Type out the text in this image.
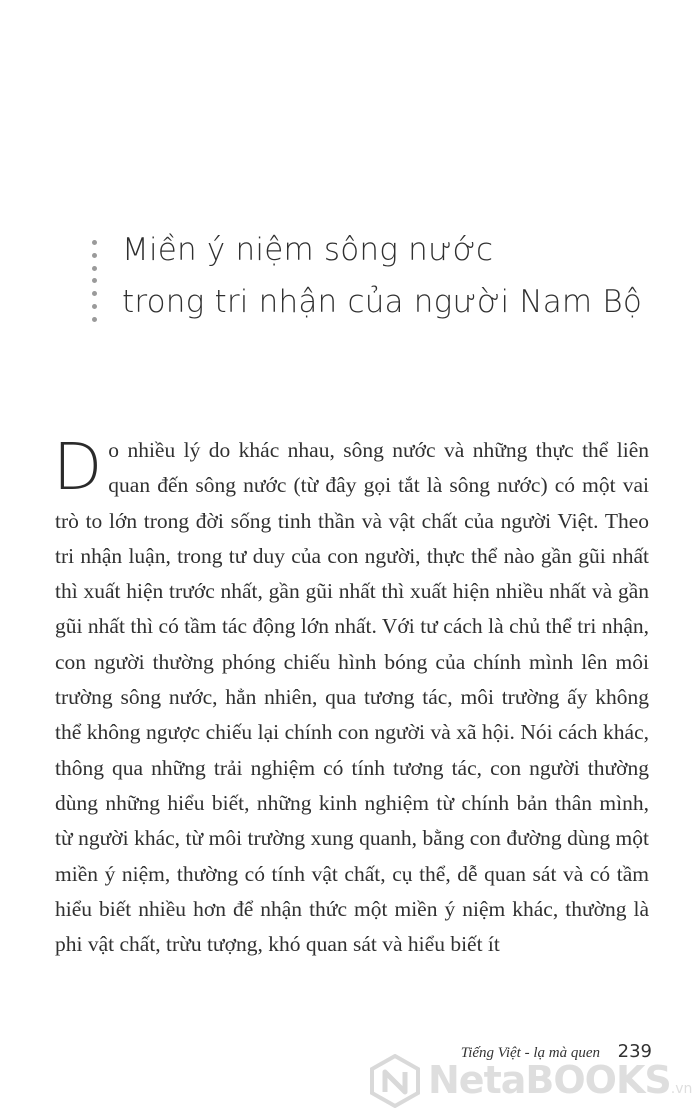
Miền ý niệm sông nước
trong tri nhận của người Nam Bộ
Do nhiều lý do khác nhau, sông nước và những thực thể liên quan đến sông nước (từ đây gọi tắt là sông nước) có một vai trò to lớn trong đời sống tinh thần và vật chất của người Việt. Theo tri nhận luận, trong tư duy của con người, thực thể nào gần gũi nhất thì xuất hiện trước nhất, gần gũi nhất thì xuất hiện nhiều nhất và gần gũi nhất thì có tầm tác động lớn nhất. Với tư cách là chủ thể tri nhận, con người thường phóng chiếu hình bóng của chính mình lên môi trường sông nước, hẳn nhiên, qua tương tác, môi trường ấy không thể không ngược chiếu lại chính con người và xã hội. Nói cách khác, thông qua những trải nghiệm có tính tương tác, con người thường dùng những hiểu biết, những kinh nghiệm từ chính bản thân mình, từ người khác, từ môi trường xung quanh, bằng con đường dùng một miền ý niệm, thường có tính vật chất, cụ thể, dễ quan sát và có tầm hiểu biết nhiều hơn để nhận thức một miền ý niệm khác, thường là phi vật chất, trừu tượng, khó quan sát và hiểu biết ít
Tiếng Việt - lạ mà quen 239
NetaBOOKS.vn
